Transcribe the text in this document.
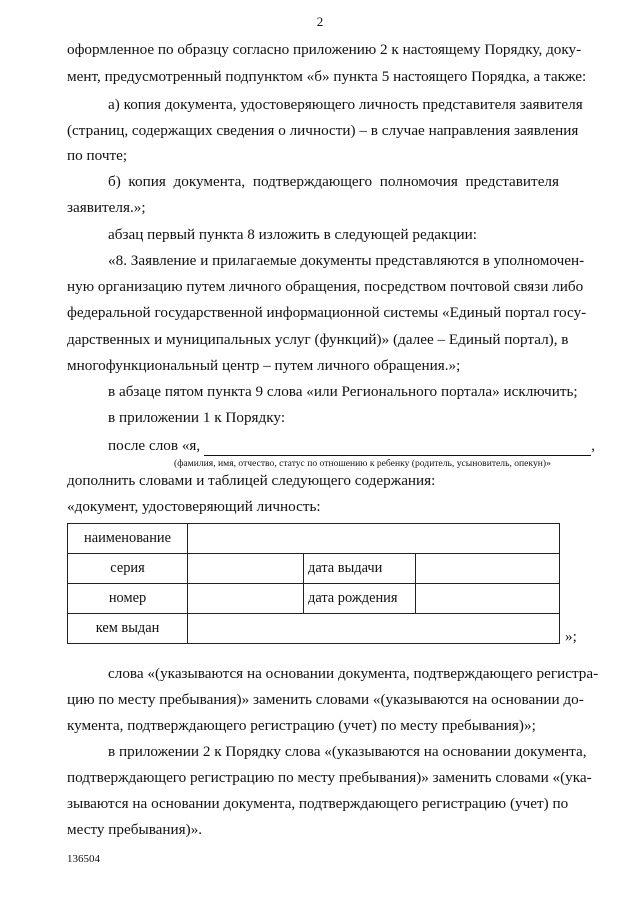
2
оформленное по образцу согласно приложению 2 к настоящему Порядку, доку-
мент, предусмотренный подпунктом «б» пункта 5 настоящего Порядка, а также:
а) копия документа, удостоверяющего личность представителя заявителя
(страниц, содержащих сведения о личности) – в случае направления заявления
по почте;
б) копия документа, подтверждающего полномочия представителя
заявителя.»;
абзац первый пункта 8 изложить в следующей редакции:
«8. Заявление и прилагаемые документы представляются в уполномочен-
ную организацию путем личного обращения, посредством почтовой связи либо
федеральной государственной информационной системы «Единый портал госу-
дарственных и муниципальных услуг (функций)» (далее – Единый портал), в
многофункциональный центр – путем личного обращения.»;
в абзаце пятом пункта 9 слова «или Регионального портала» исключить;
в приложении 1 к Порядку:
после слов «я,	,
(фамилия, имя, отчество, статус по отношению к ребенку (родитель, усыновитель, опекун)»
дополнить словами и таблицей следующего содержания:
«документ, удостоверяющий личность:
наименование			
серия		дата выдачи	
номер		дата рождения	
кем выдан				»;
слова «(указываются на основании документа, подтверждающего регистра-
цию по месту пребывания)» заменить словами «(указываются на основании до-
кумента, подтверждающего регистрацию (учет) по месту пребывания)»;
в приложении 2 к Порядку слова «(указываются на основании документа,
подтверждающего регистрацию по месту пребывания)» заменить словами «(ука-
зываются на основании документа, подтверждающего регистрацию (учет) по
месту пребывания)».
136504
